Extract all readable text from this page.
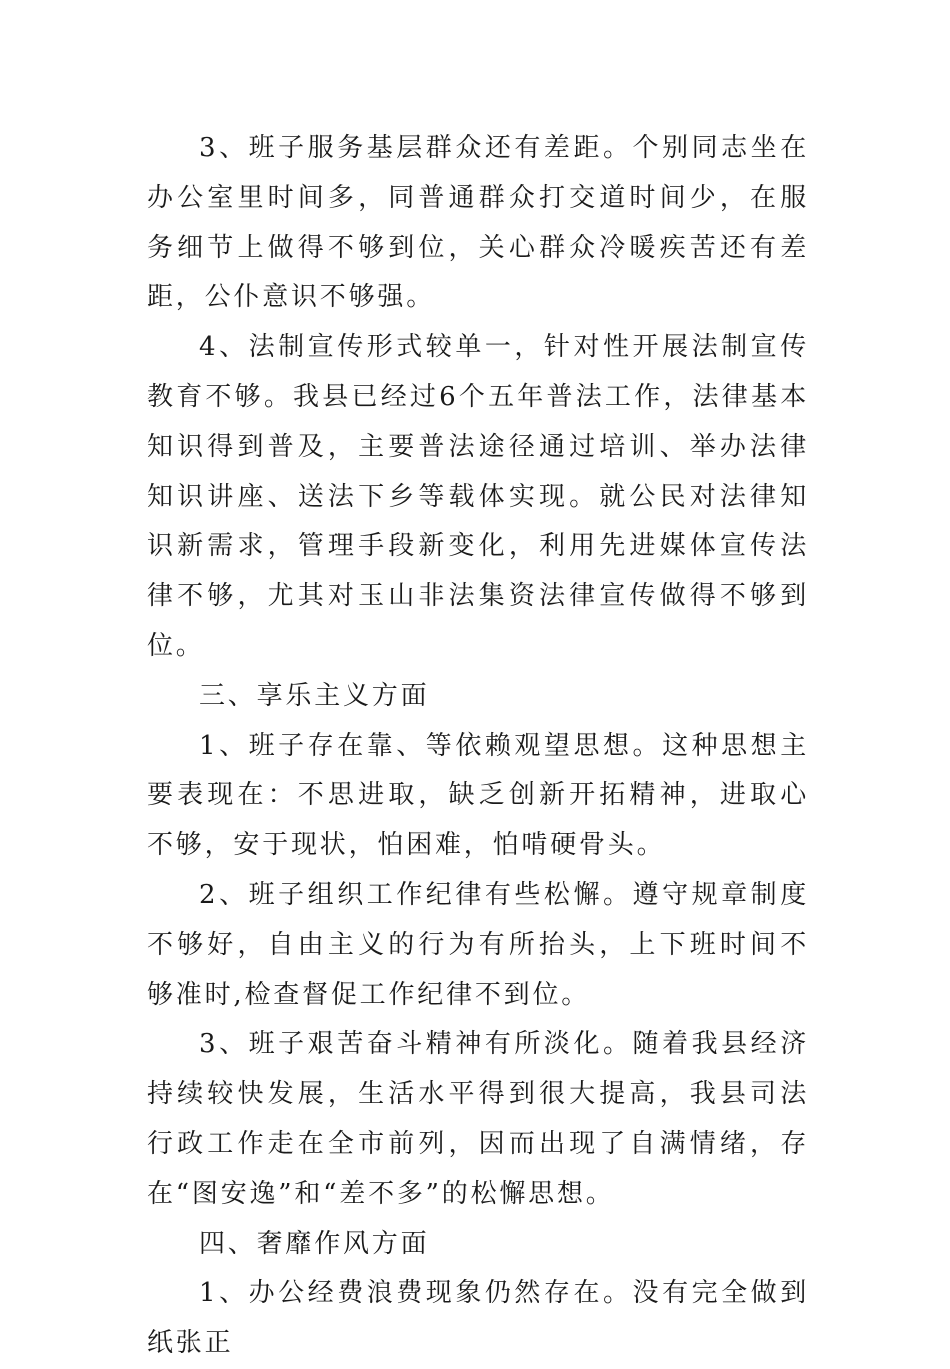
3、班子服务基层群众还有差距。个别同志坐在办公室里时间多，同普通群众打交道时间少，在服务细节上做得不够到位，关心群众冷暖疾苦还有差距，公仆意识不够强。

4、法制宣传形式较单一，针对性开展法制宣传教育不够。我县已经过6个五年普法工作，法律基本知识得到普及，主要普法途径通过培训、举办法律知识讲座、送法下乡等载体实现。就公民对法律知识新需求，管理手段新变化，利用先进媒体宣传法律不够，尤其对玉山非法集资法律宣传做得不够到位。

三、享乐主义方面

1、班子存在靠、等依赖观望思想。这种思想主要表现在：不思进取，缺乏创新开拓精神，进取心不够，安于现状，怕困难，怕啃硬骨头。

2、班子组织工作纪律有些松懈。遵守规章制度不够好，自由主义的行为有所抬头，上下班时间不够准时,检查督促工作纪律不到位。

3、班子艰苦奋斗精神有所淡化。随着我县经济持续较快发展，生活水平得到很大提高，我县司法行政工作走在全市前列，因而出现了自满情绪，存在“图安逸”和“差不多”的松懈思想。

四、奢靡作风方面

1、办公经费浪费现象仍然存在。没有完全做到纸张正
